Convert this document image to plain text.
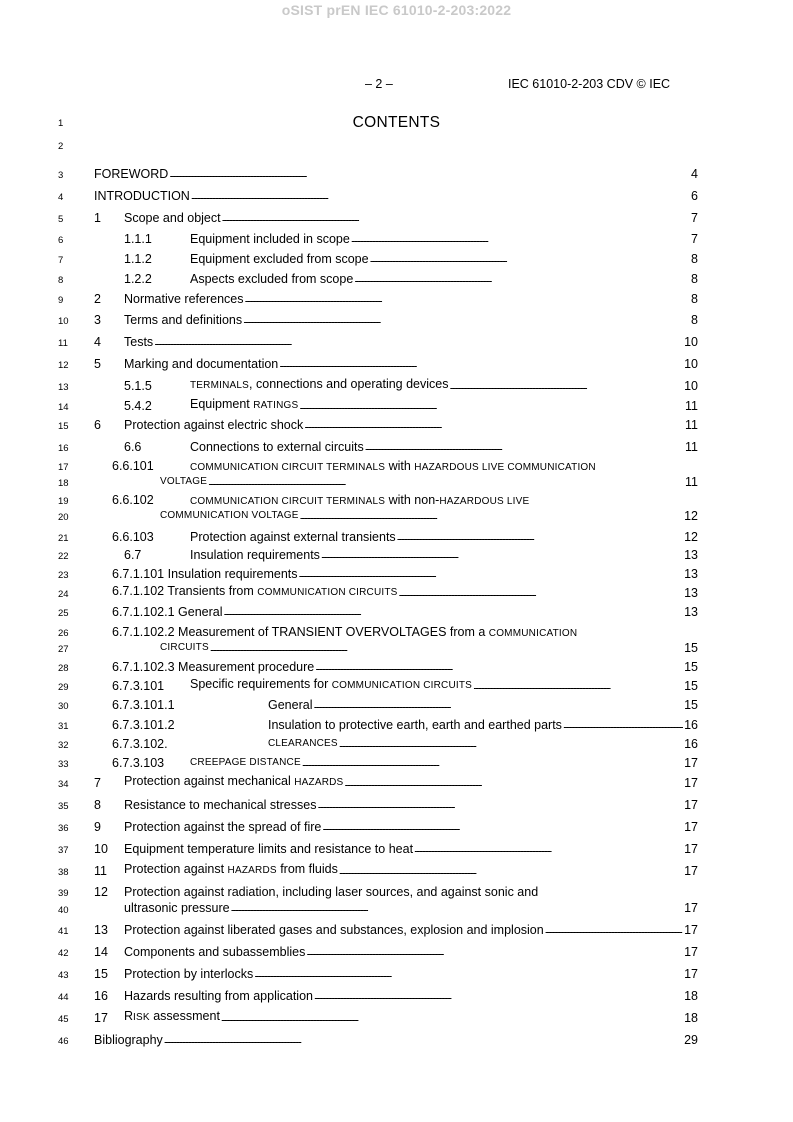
oSIST prEN IEC 61010-2-203:2022
– 2 –	IEC 61010-2-203 CDV © IEC
CONTENTS
1
2
3
4
5
6
7
8
9
10
11
12
13
14
15
16
17
18
19
20
21
22
23
24
25
26
27
28
29
30
31
32
33
34
35
36
37
38
39
40
41
42
43
44
45
46
FOREWORD . . .	4
INTRODUCTION . . .	6
1	Scope and object . . .	7
1.1.1	Equipment included in scope . . .	7
1.1.2	Equipment excluded from scope . . .	8
1.2.2	Aspects excluded from scope . . .	8
2	Normative references . . .	8
3	Terms and definitions . . .	8
4	Tests . . .	10
5	Marking and documentation . . .	10
5.1.5	TERMINALS, connections and operating devices . . .	10
5.4.2	Equipment RATINGS . . .	11
6	Protection against electric shock . . .	11
6.6	Connections to external circuits . . .	11
6.6.101	COMMUNICATION CIRCUIT TERMINALS with HAZARDOUS LIVE COMMUNICATION
VOLTAGE . . .	11
6.6.102	COMMUNICATION CIRCUIT TERMINALS with non-HAZARDOUS LIVE
COMMUNICATION VOLTAGE . . .	12
6.6.103	Protection against external transients . . .	12
6.7	Insulation requirements . . .	13
6.7.1.101 Insulation requirements . . .	13
6.7.1.102 Transients from COMMUNICATION CIRCUITS . . .	13
6.7.1.102.1 General . . .	13
6.7.1.102.2 Measurement of TRANSIENT OVERVOLTAGES from a COMMUNICATION
CIRCUITS . . .	15
6.7.1.102.3 Measurement procedure . . .	15
6.7.3.101	Specific requirements for COMMUNICATION CIRCUITS . . .	15
6.7.3.101.1	General . . .	15
6.7.3.101.2	Insulation to protective earth, earth and earthed parts . . .	16
6.7.3.102.	CLEARANCES . . .	16
6.7.3.103	CREEPAGE DISTANCE . . .	17
7	Protection against mechanical HAZARDS . . .	17
8	Resistance to mechanical stresses . . .	17
9	Protection against the spread of fire . . .	17
10	Equipment temperature limits and resistance to heat . . .	17
11	Protection against HAZARDS from fluids . . .	17
12 Protection against radiation, including laser sources, and against sonic and
ultrasonic pressure . . .	17
13	Protection against liberated gases and substances, explosion and implosion . . .	17
14	Components and subassemblies . . .	17
15	Protection by interlocks . . .	17
16	Hazards resulting from application . . .	18
17	RISK assessment . . .	18
Bibliography . . .	29
